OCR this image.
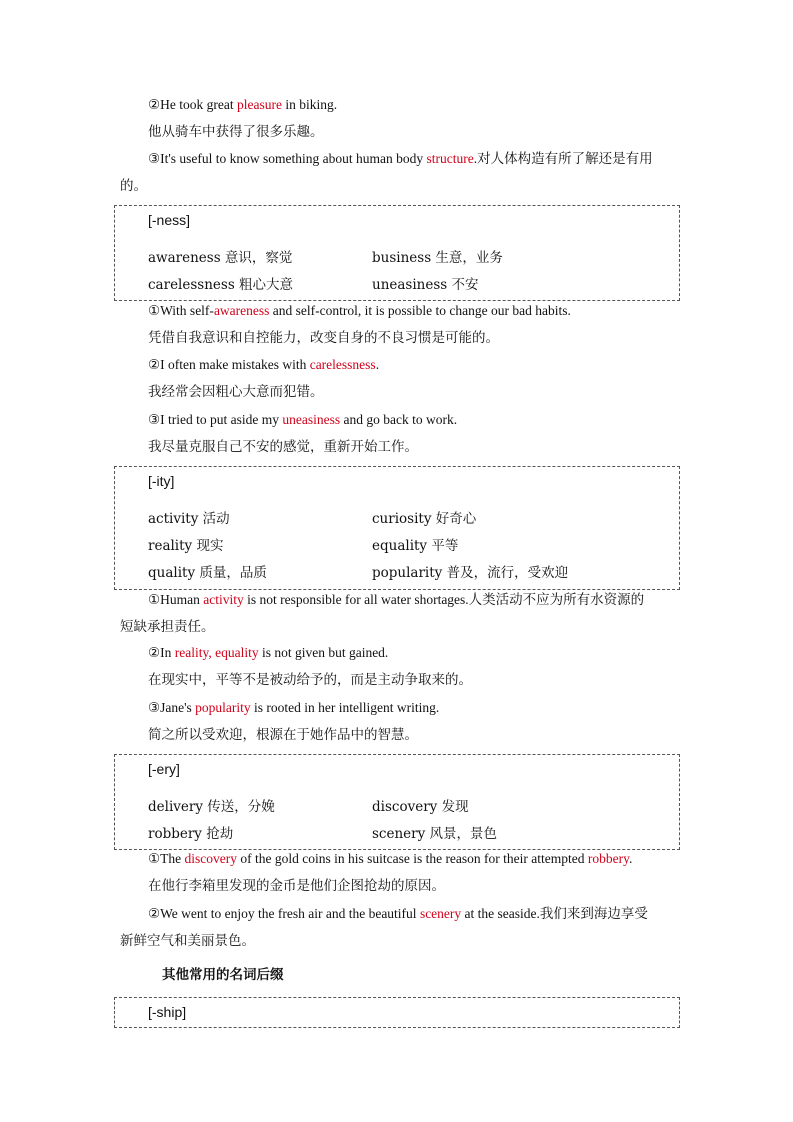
②He took great pleasure in biking.
他从骑车中获得了很多乐趣。
③It's useful to know something about human body structure.对人体构造有所了解还是有用
的。
[-ness]
awareness 意识，察觉	business 生意，业务
carelessness 粗心大意	uneasiness 不安
①With self-awareness and self-control, it is possible to change our bad habits.
凭借自我意识和自控能力，改变自身的不良习惯是可能的。
②I often make mistakes with carelessness.
我经常会因粗心大意而犯错。
③I tried to put aside my uneasiness and go back to work.
我尽量克服自己不安的感觉，重新开始工作。
[-ity]
activity 活动	curiosity 好奇心
reality 现实	equality 平等
quality 质量，品质	popularity 普及，流行，受欢迎
①Human activity is not responsible for all water shortages.人类活动不应为所有水资源的
短缺承担责任。
②In reality, equality is not given but gained.
在现实中，平等不是被动给予的，而是主动争取来的。
③Jane's popularity is rooted in her intelligent writing.
简之所以受欢迎，根源在于她作品中的智慧。
[-ery]
delivery 传送，分娩	discovery 发现
robbery 抢劫	scenery 风景，景色
①The discovery of the gold coins in his suitcase is the reason for their attempted robbery.
在他行李箱里发现的金币是他们企图抢劫的原因。
②We went to enjoy the fresh air and the beautiful scenery at the seaside.我们来到海边享受
新鲜空气和美丽景色。
其他常用的名词后缀
[-ship]
